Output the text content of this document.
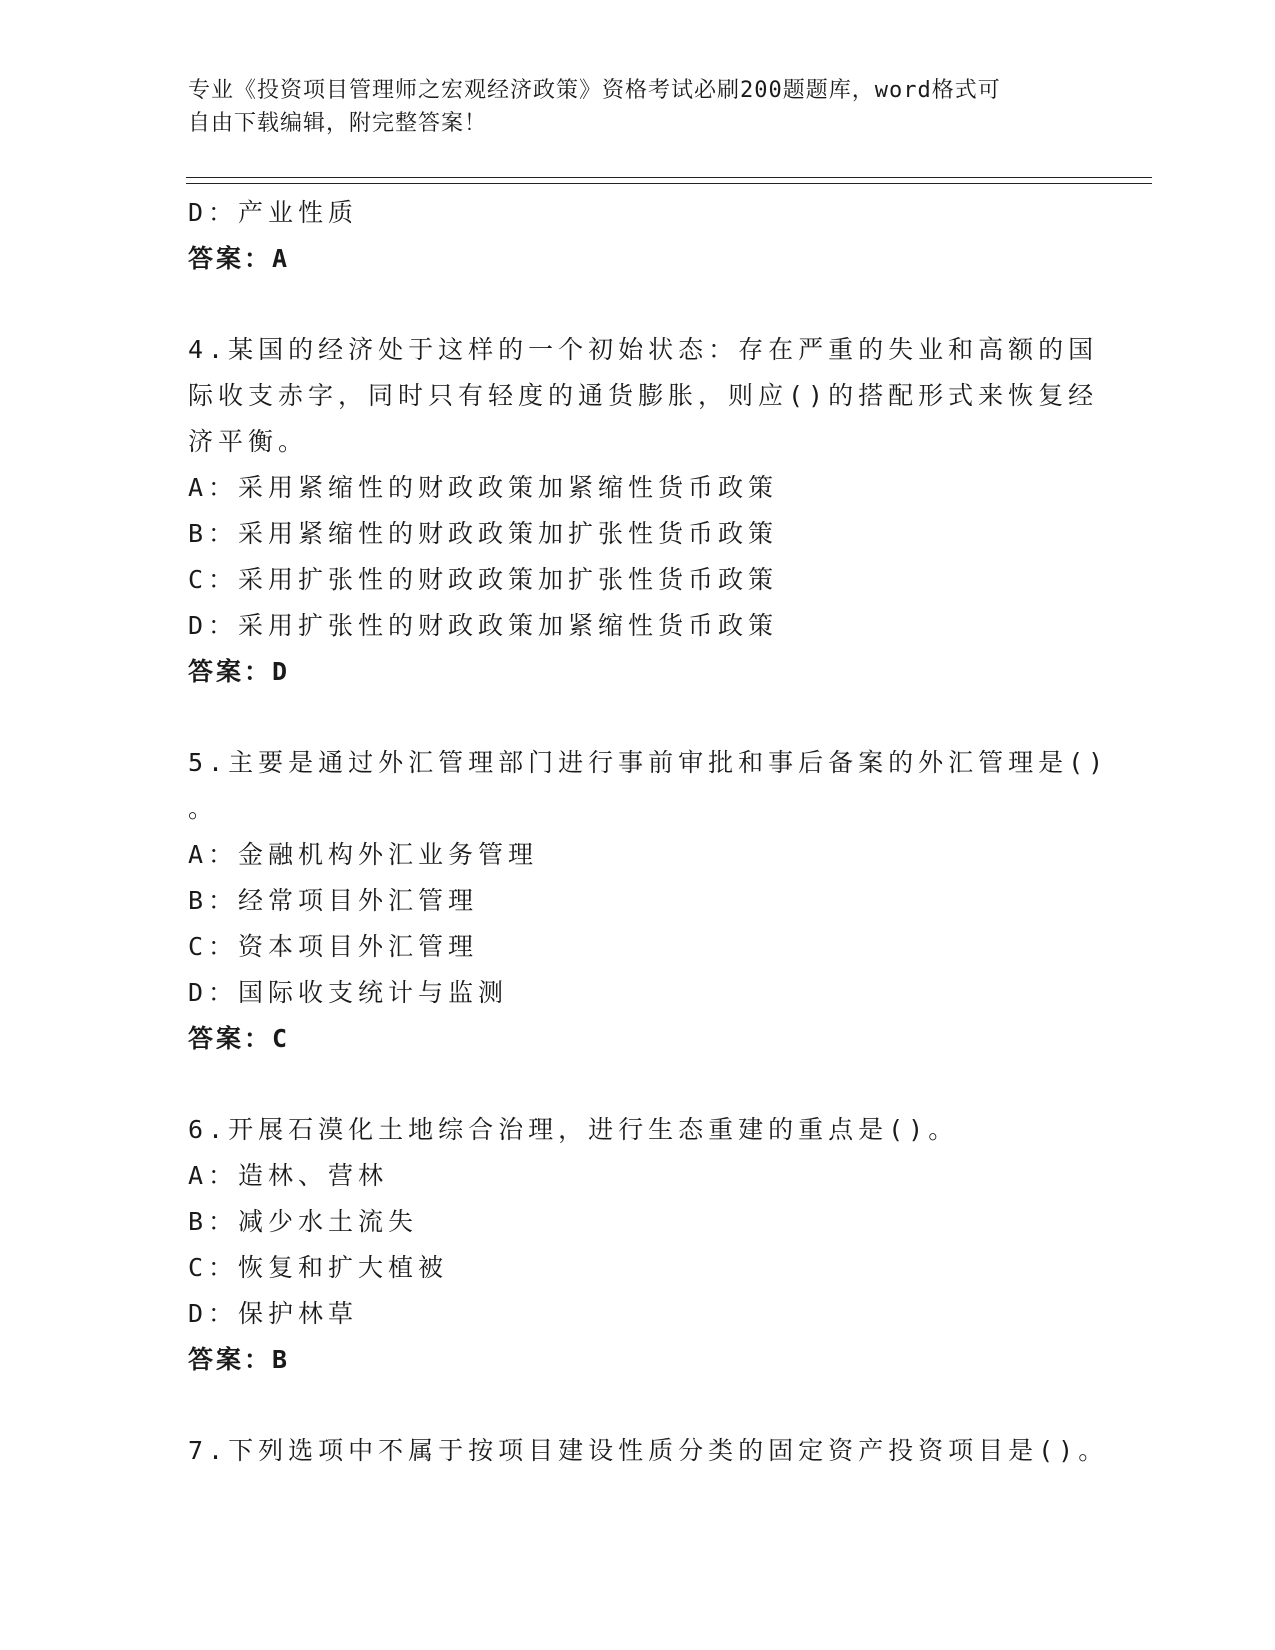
专业《投资项目管理师之宏观经济政策》资格考试必刷200题题库，word格式可
自由下载编辑，附完整答案！
D：产业性质
答案：A
4.某国的经济处于这样的一个初始状态：存在严重的失业和高额的国
际收支赤字，同时只有轻度的通货膨胀，则应()的搭配形式来恢复经
济平衡。
A：采用紧缩性的财政政策加紧缩性货币政策
B：采用紧缩性的财政政策加扩张性货币政策
C：采用扩张性的财政政策加扩张性货币政策
D：采用扩张性的财政政策加紧缩性货币政策
答案：D
5.主要是通过外汇管理部门进行事前审批和事后备案的外汇管理是()
。
A：金融机构外汇业务管理
B：经常项目外汇管理
C：资本项目外汇管理
D：国际收支统计与监测
答案：C
6.开展石漠化土地综合治理，进行生态重建的重点是()。
A：造林、营林
B：减少水土流失
C：恢复和扩大植被
D：保护林草
答案：B
7.下列选项中不属于按项目建设性质分类的固定资产投资项目是()。
